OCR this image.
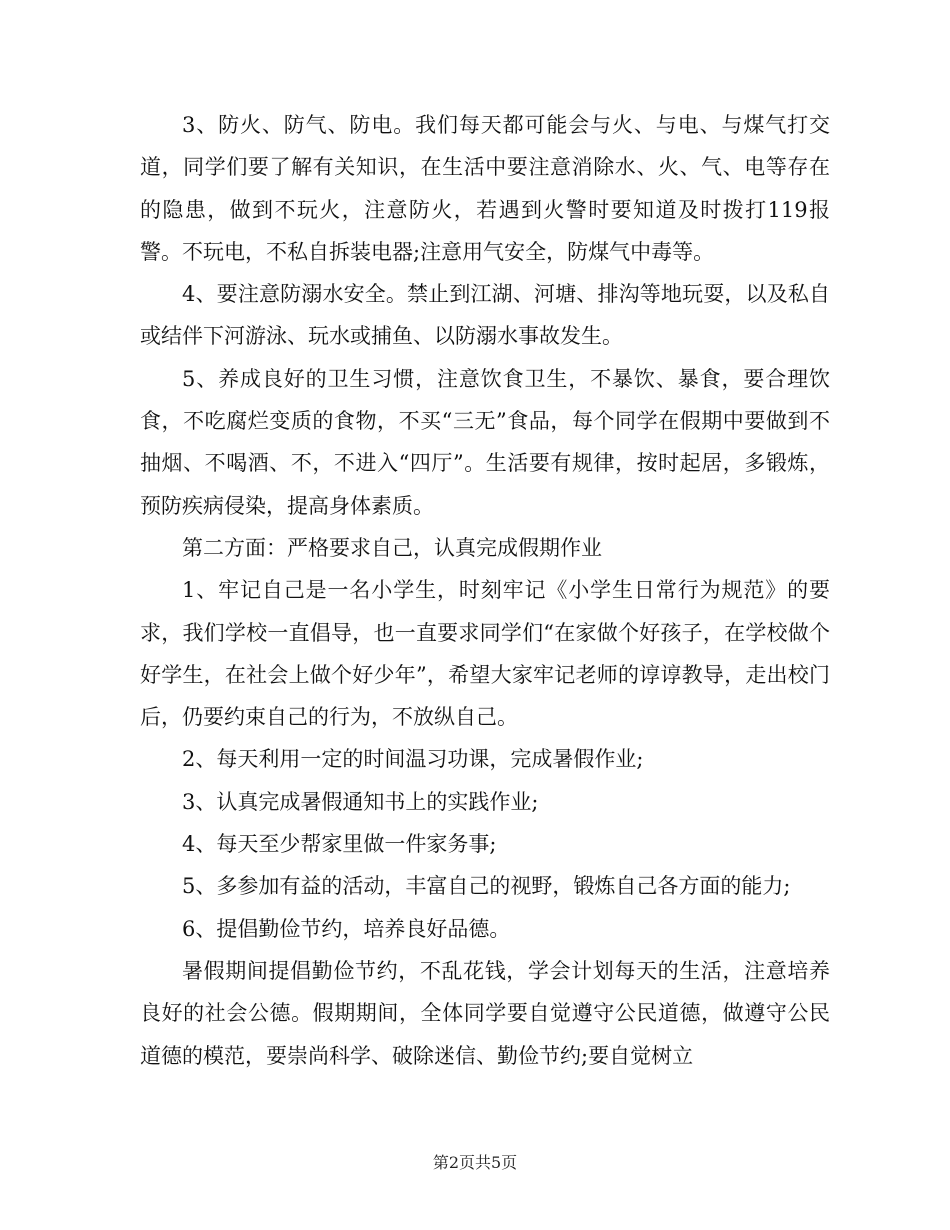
3、防火、防气、防电。我们每天都可能会与火、与电、与煤气打交道，同学们要了解有关知识，在生活中要注意消除水、火、气、电等存在的隐患，做到不玩火，注意防火，若遇到火警时要知道及时拨打119报警。不玩电，不私自拆装电器;注意用气安全，防煤气中毒等。

4、要注意防溺水安全。禁止到江湖、河塘、排沟等地玩耍，以及私自或结伴下河游泳、玩水或捕鱼、以防溺水事故发生。

5、养成良好的卫生习惯，注意饮食卫生，不暴饮、暴食，要合理饮食，不吃腐烂变质的食物，不买“三无”食品，每个同学在假期中要做到不抽烟、不喝酒、不，不进入“四厅”。生活要有规律，按时起居，多锻炼，预防疾病侵染，提高身体素质。

第二方面：严格要求自己，认真完成假期作业

1、牢记自己是一名小学生，时刻牢记《小学生日常行为规范》的要求，我们学校一直倡导，也一直要求同学们“在家做个好孩子，在学校做个好学生，在社会上做个好少年”，希望大家牢记老师的谆谆教导，走出校门后，仍要约束自己的行为，不放纵自己。

2、每天利用一定的时间温习功课，完成暑假作业;

3、认真完成暑假通知书上的实践作业;

4、每天至少帮家里做一件家务事;

5、多参加有益的活动，丰富自己的视野，锻炼自己各方面的能力;

6、提倡勤俭节约，培养良好品德。

暑假期间提倡勤俭节约，不乱花钱，学会计划每天的生活，注意培养良好的社会公德。假期期间，全体同学要自觉遵守公民道德，做遵守公民道德的模范，要崇尚科学、破除迷信、勤俭节约;要自觉树立

第2页共5页
